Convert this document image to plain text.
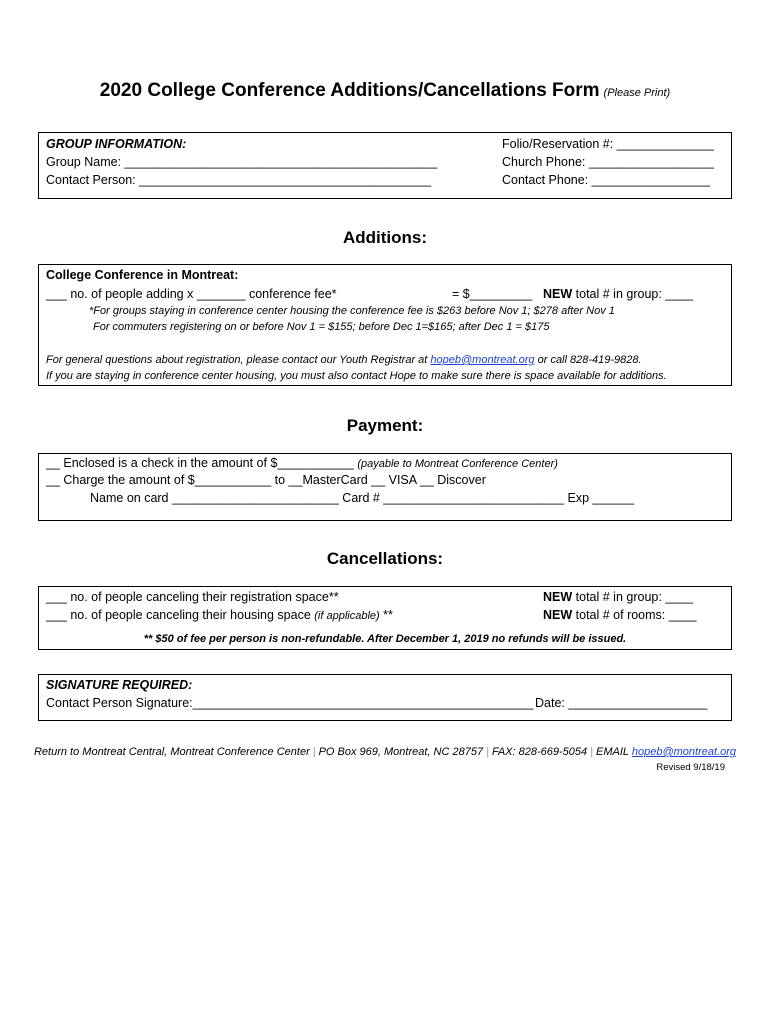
2020 College Conference Additions/Cancellations Form (Please Print)
GROUP INFORMATION:
Group Name: _____________________________________________
Contact Person: __________________________________________
Folio/Reservation #: ______________
Church Phone: __________________
Contact Phone: _________________
Additions:
College Conference in Montreat:
___ no. of people adding x _______ conference fee*	= $_________ NEW total # in group: ____
*For groups staying in conference center housing the conference fee is $263 before Nov 1; $278 after Nov 1
For commuters registering on or before Nov 1 = $155; before Dec 1=$165; after Dec 1 = $175
For general questions about registration, please contact our Youth Registrar at hopeb@montreat.org or call 828-419-9828.
If you are staying in conference center housing, you must also contact Hope to make sure there is space available for additions.
Payment:
__ Enclosed is a check in the amount of $___________ (payable to Montreat Conference Center)
__ Charge the amount of $___________ to __MasterCard __ VISA __ Discover
Name on card ________________________ Card # __________________________ Exp ______
Cancellations:
___ no. of people canceling their registration space**
___ no. of people canceling their housing space (if applicable) **
NEW total # in group: ____
NEW total # of rooms: ____
** $50 of fee per person is non-refundable. After December 1, 2019 no refunds will be issued.
SIGNATURE REQUIRED:
Contact Person Signature:_________________________________________________ Date: ____________________
Return to Montreat Central, Montreat Conference Center | PO Box 969, Montreat, NC 28757 | FAX: 828-669-5054 | EMAIL hopeb@montreat.org
Revised 9/18/19
